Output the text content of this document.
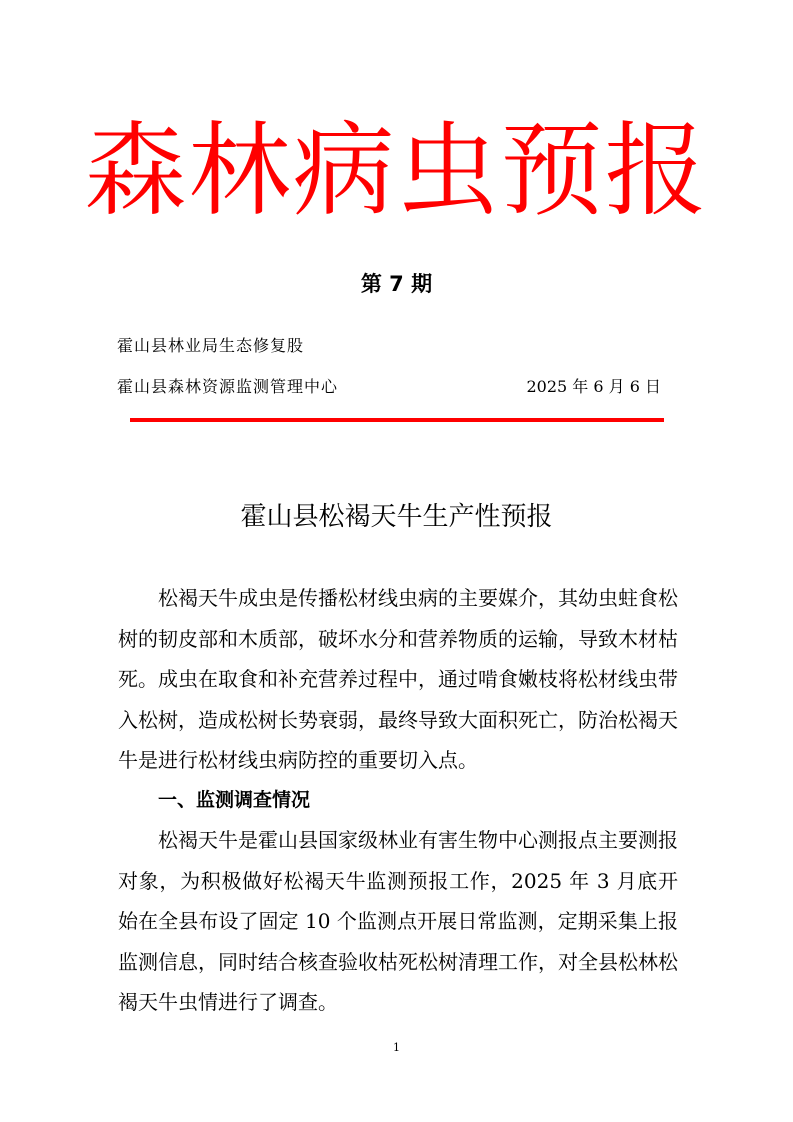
森林病虫预报
第 7 期
霍山县林业局生态修复股
霍山县森林资源监测管理中心	2025 年 6 月 6 日
霍山县松褐天牛生产性预报

松褐天牛成虫是传播松材线虫病的主要媒介，其幼虫蛀食松树的韧皮部和木质部，破坏水分和营养物质的运输，导致木材枯死。成虫在取食和补充营养过程中，通过啃食嫩枝将松材线虫带入松树，造成松树长势衰弱，最终导致大面积死亡，防治松褐天牛是进行松材线虫病防控的重要切入点。

一、监测调查情况

松褐天牛是霍山县国家级林业有害生物中心测报点主要测报对象，为积极做好松褐天牛监测预报工作，2025 年 3 月底开始在全县布设了固定 10 个监测点开展日常监测，定期采集上报监测信息，同时结合核查验收枯死松树清理工作，对全县松林松褐天牛虫情进行了调查。

1
